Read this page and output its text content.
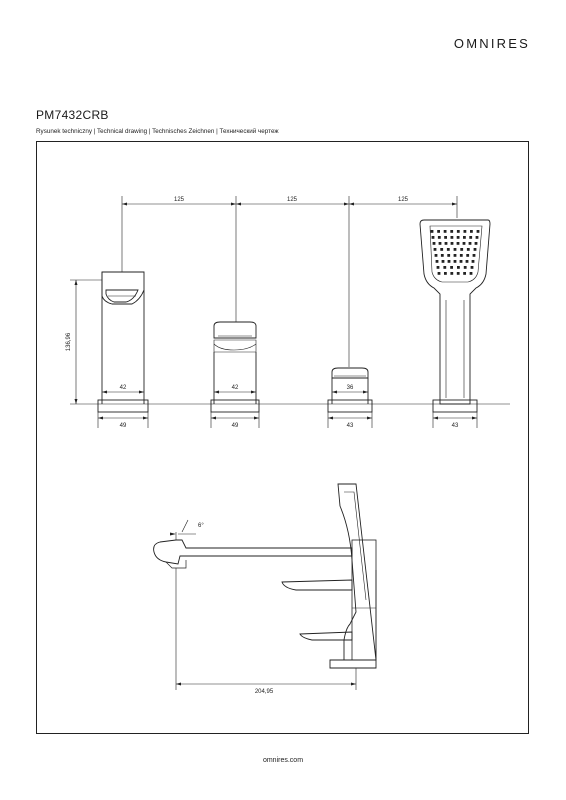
OMNIRES
PM7432CRB
Rysunek techniczny | Technical drawing | Technisches Zeichnen | Технический чертеж
125	125	125
136,96
42	42	36
49	49	43	43
6°
204,95
omnires.com
